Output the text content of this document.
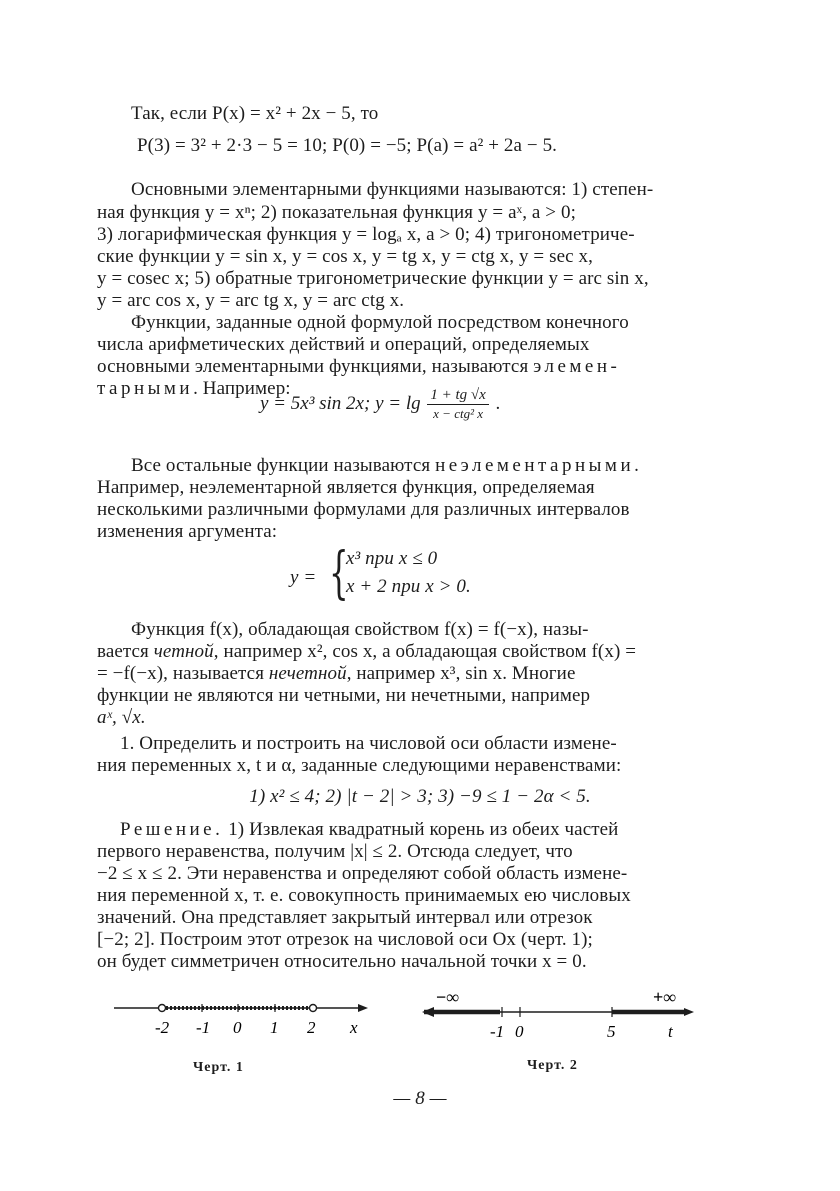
Так, если P(x) = x² + 2x − 5, то
P(3) = 3² + 2·3 − 5 = 10; P(0) = −5; P(a) = a² + 2a − 5.
Основными элементарными функциями называются: 1) степен-
ная функция y = xⁿ; 2) показательная функция y = aˣ, a > 0;
3) логарифмическая функция y = logₐ x, a > 0; 4) тригонометриче-
ские функции y = sin x, y = cos x, y = tg x, y = ctg x, y = sec x,
y = cosec x; 5) обратные тригонометрические функции y = arc sin x,
y = arc cos x, y = arc tg x, y = arc ctg x.
Функции, заданные одной формулой посредством конечного
числа арифметических действий и операций, определяемых
основными элементарными функциями, называются элемен-
тарными. Например:
y = 5x³ sin 2x; $y = \lg \frac{1 + tg √x}{\text{x − ctg² x}}$ .
Все остальные функции называются неэлементарными.
Например, неэлементарной является функция, определяемая
несколькими различными формулами для различных интервалов
изменения аргумента:
y = {
x³ при x ≤ 0
x + 2 при x > 0.
Функция f(x), обладающая свойством f(x) = f(−x), назы-
вается четной, например x², cos x, а обладающая свойством f(x) =
= −f(−x), называется нечетной, например x³, sin x. Многие
функции не являются ни четными, ни нечетными, например
aˣ, √x.
1. Определить и построить на числовой оси области измене-
ния переменных x, t и α, заданные следующими неравенствами:
1) x² ≤ 4; 2) |t − 2| > 3; 3) −9 ≤ 1 − 2α < 5.
Решение. 1) Извлекая квадратный корень из обеих частей
первого неравенства, получим |x| ≤ 2. Отсюда следует, что
−2 ≤ x ≤ 2. Эти неравенства и определяют собой область измене-
ния переменной x, т. е. совокупность принимаемых ею числовых
значений. Она представляет закрытый интервал или отрезок
[−2; 2]. Построим этот отрезок на числовой оси Ox (черт. 1);
он будет симметричен относительно начальной точки x = 0.
-2 -1 0 1 2 x
Черт. 1
−∞	+∞
-1 0	5	t
Черт. 2
— 8 —
